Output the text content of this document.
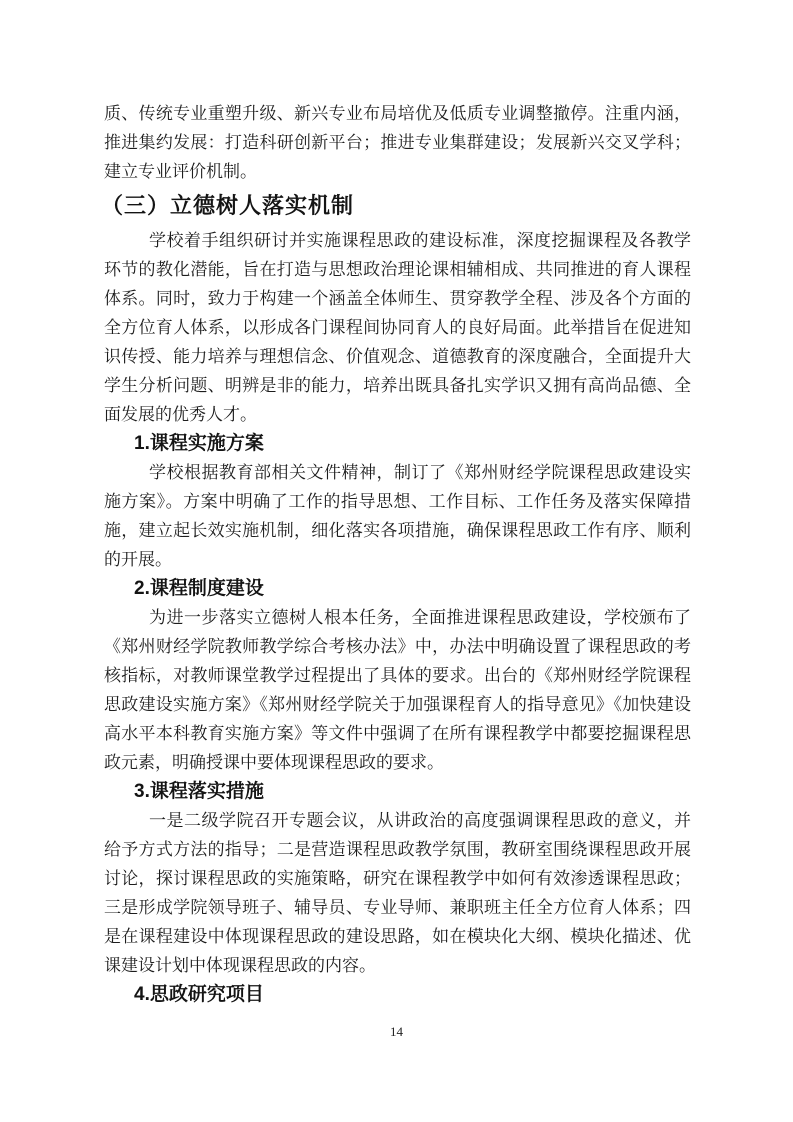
质、传统专业重塑升级、新兴专业布局培优及低质专业调整撤停。注重内涵，推进集约发展：打造科研创新平台；推进专业集群建设；发展新兴交叉学科；建立专业评价机制。

（三）立德树人落实机制

学校着手组织研讨并实施课程思政的建设标准，深度挖掘课程及各教学环节的教化潜能，旨在打造与思想政治理论课相辅相成、共同推进的育人课程体系。同时，致力于构建一个涵盖全体师生、贯穿教学全程、涉及各个方面的全方位育人体系，以形成各门课程间协同育人的良好局面。此举措旨在促进知识传授、能力培养与理想信念、价值观念、道德教育的深度融合，全面提升大学生分析问题、明辨是非的能力，培养出既具备扎实学识又拥有高尚品德、全面发展的优秀人才。

1.课程实施方案

学校根据教育部相关文件精神，制订了《郑州财经学院课程思政建设实施方案》。方案中明确了工作的指导思想、工作目标、工作任务及落实保障措施，建立起长效实施机制，细化落实各项措施，确保课程思政工作有序、顺利的开展。

2.课程制度建设

为进一步落实立德树人根本任务，全面推进课程思政建设，学校颁布了《郑州财经学院教师教学综合考核办法》中，办法中明确设置了课程思政的考核指标，对教师课堂教学过程提出了具体的要求。出台的《郑州财经学院课程思政建设实施方案》《郑州财经学院关于加强课程育人的指导意见》《加快建设高水平本科教育实施方案》等文件中强调了在所有课程教学中都要挖掘课程思政元素，明确授课中要体现课程思政的要求。

3.课程落实措施

一是二级学院召开专题会议，从讲政治的高度强调课程思政的意义，并给予方式方法的指导；二是营造课程思政教学氛围，教研室围绕课程思政开展讨论，探讨课程思政的实施策略，研究在课程教学中如何有效渗透课程思政；三是形成学院领导班子、辅导员、专业导师、兼职班主任全方位育人体系；四是在课程建设中体现课程思政的建设思路，如在模块化大纲、模块化描述、优课建设计划中体现课程思政的内容。

4.思政研究项目
14
